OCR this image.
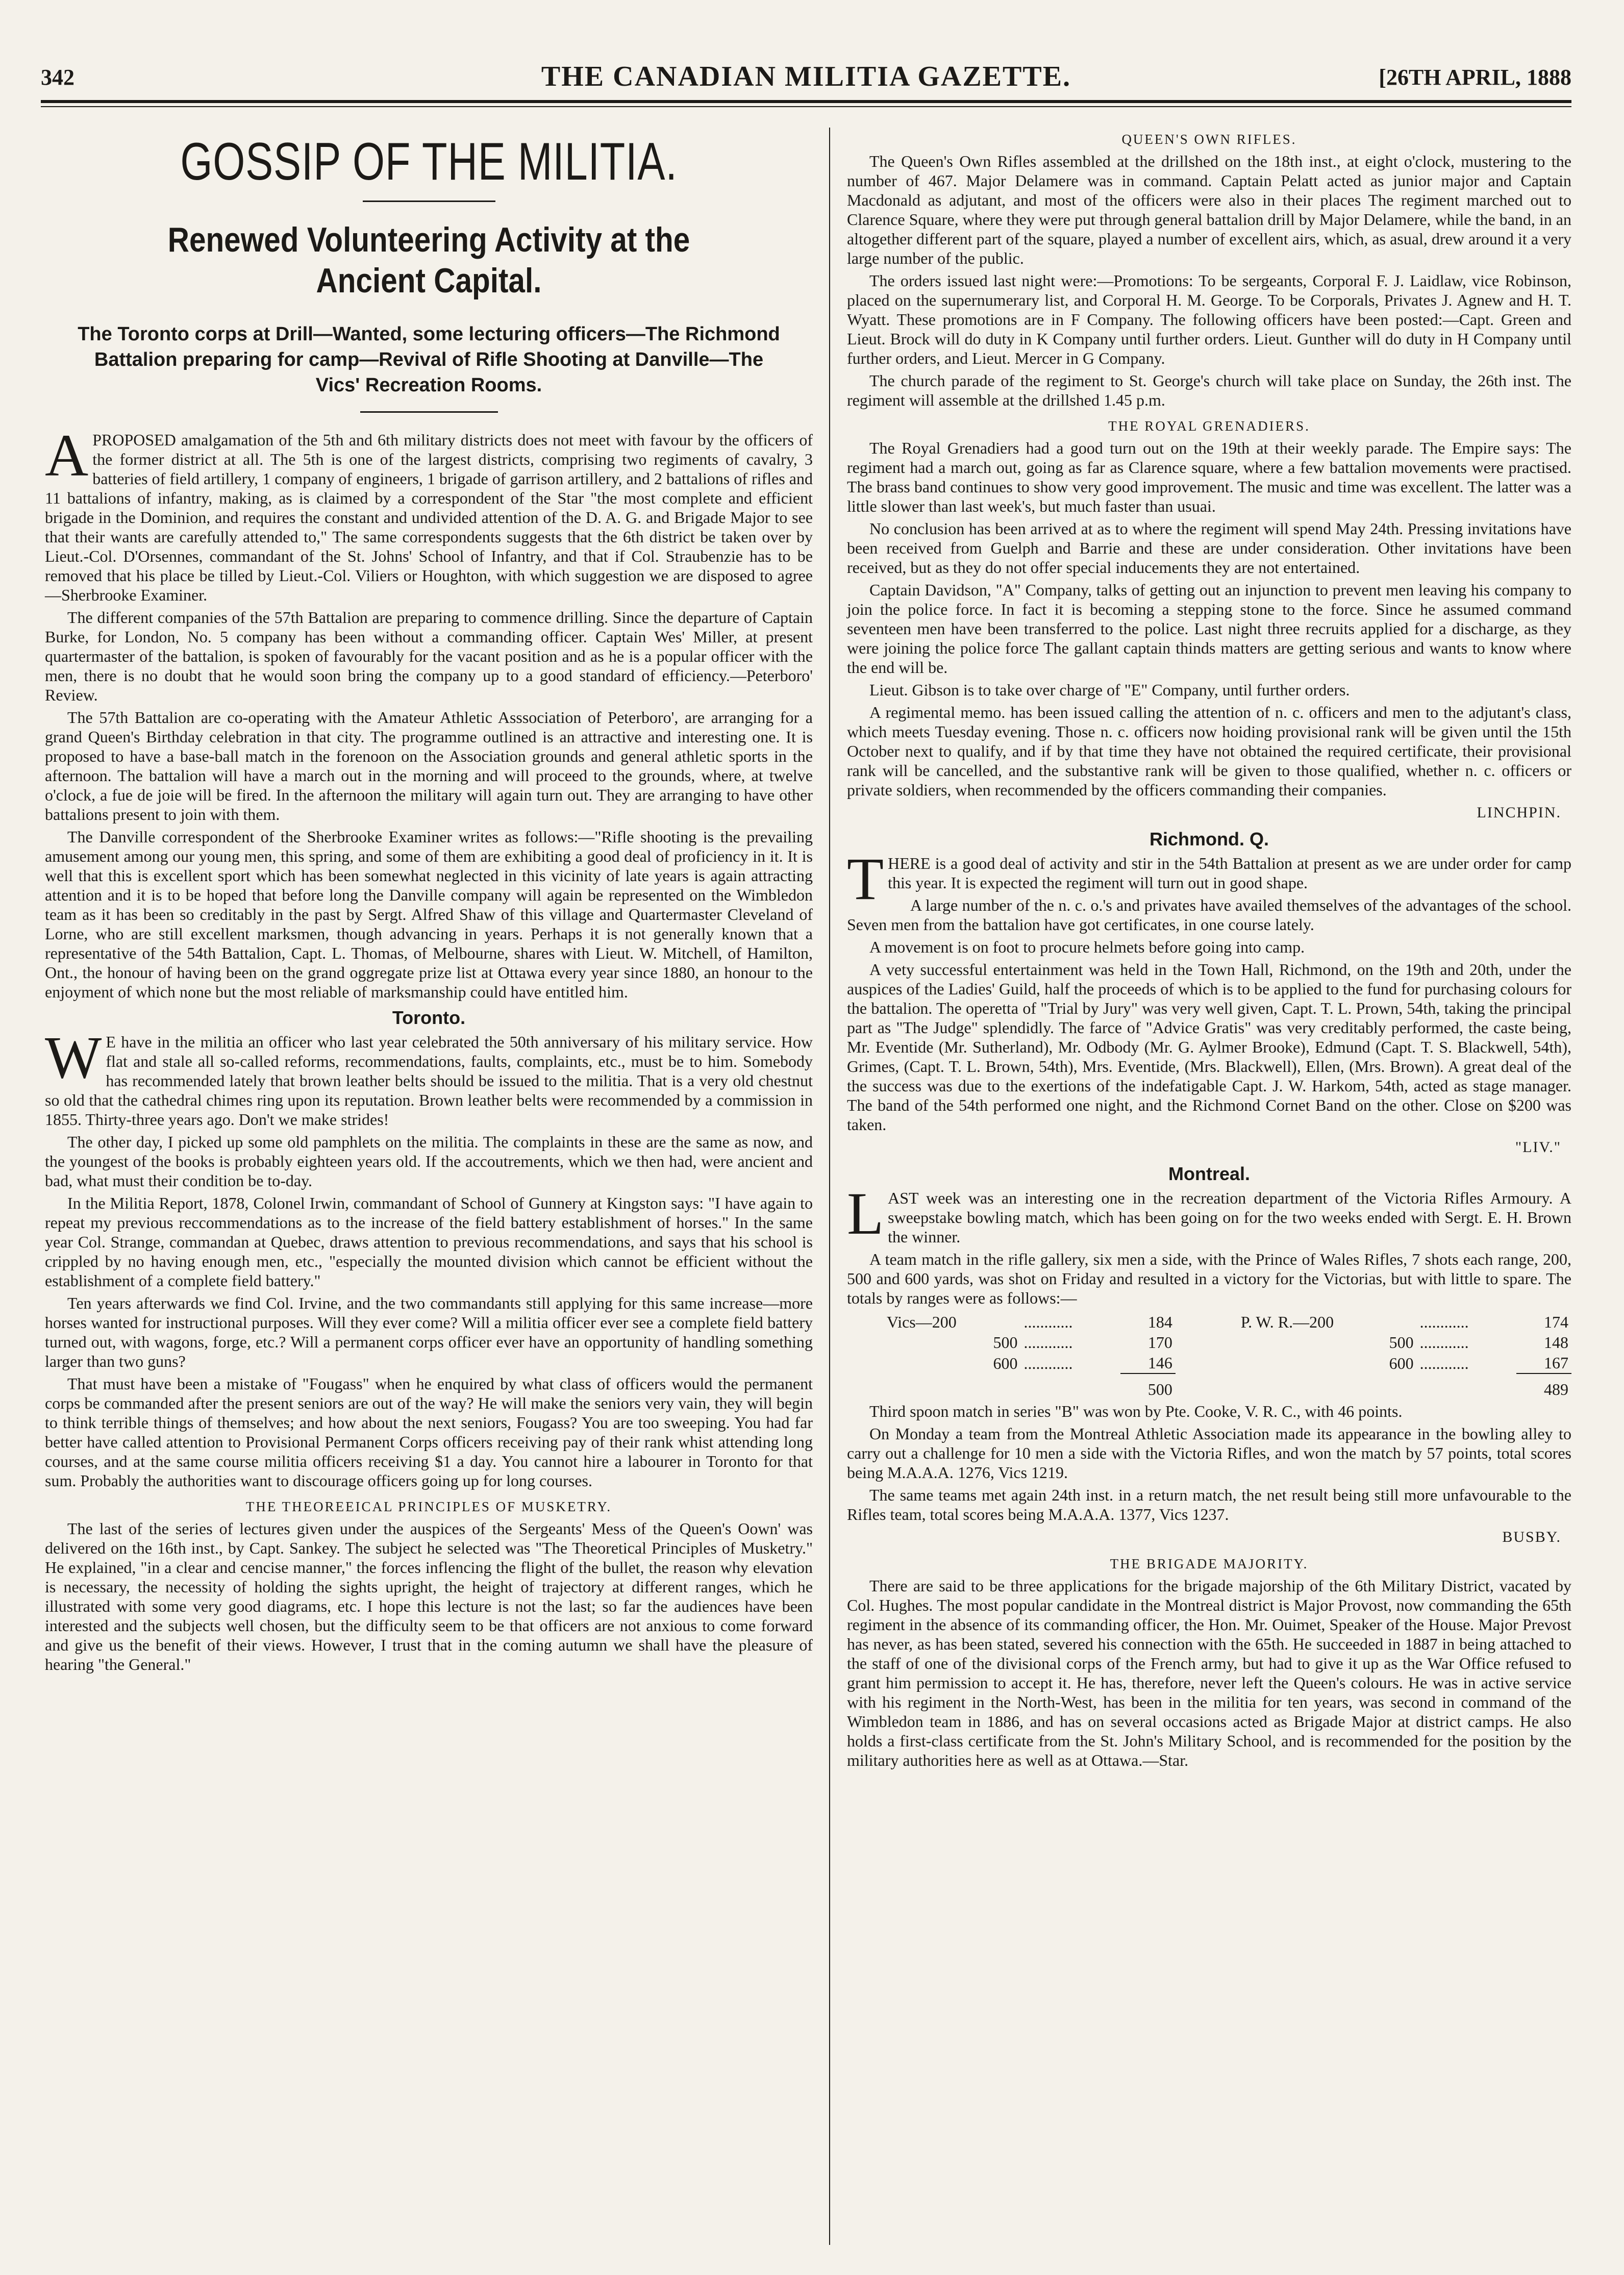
342	THE CANADIAN MILITIA GAZETTE.	[26TH APRIL, 1888
GOSSIP OF THE MILITIA.
Renewed Volunteering Activity at the Ancient Capital.
The Toronto corps at Drill—Wanted, some lecturing officers—The Richmond Battalion preparing for camp—Revival of Rifle Shooting at Danville—The Vics' Recreation Rooms.

A PROPOSED amalgamation of the 5th and 6th military districts does not meet with favour by the officers of the former district at all. The 5th is one of the largest districts, comprising two regiments of cavalry, 3 batteries of field artillery, 1 company of engineers, 1 brigade of garrison artillery, and 2 battalions of rifles and 11 battalions of infantry, making, as is claimed by a correspondent of the Star "the most complete and efficient brigade in the Dominion, and requires the constant and undivided attention of the D. A. G. and Brigade Major to see that their wants are carefully attended to," The same correspondents suggests that the 6th district be taken over by Lieut.-Col. D'Orsennes, commandant of the St. Johns' School of Infantry, and that if Col. Straubenzie has to be removed that his place be tilled by Lieut.-Col. Viliers or Houghton, with which suggestion we are disposed to agree—Sherbrooke Examiner.

The different companies of the 57th Battalion are preparing to commence drilling. Since the departure of Captain Burke, for London, No. 5 company has been without a commanding officer. Captain Wes' Miller, at present quartermaster of the battalion, is spoken of favourably for the vacant position and as he is a popular officer with the men, there is no doubt that he would soon bring the company up to a good standard of efficiency.—Peterboro' Review.

The 57th Battalion are co-operating with the Amateur Athletic Asssociation of Peterboro', are arranging for a grand Queen's Birthday celebration in that city. The programme outlined is an attractive and interesting one. It is proposed to have a base-ball match in the forenoon on the Association grounds and general athletic sports in the afternoon. The battalion will have a march out in the morning and will proceed to the grounds, where, at twelve o'clock, a fue de joie will be fired. In the afternoon the military will again turn out. They are arranging to have other battalions present to join with them.

The Danville correspondent of the Sherbrooke Examiner writes as follows:—"Rifle shooting is the prevailing amusement among our young men, this spring, and some of them are exhibiting a good deal of proficiency in it. It is well that this is excellent sport which has been somewhat neglected in this vicinity of late years is again attracting attention and it is to be hoped that before long the Danville company will again be represented on the Wimbledon team as it has been so creditably in the past by Sergt. Alfred Shaw of this village and Quartermaster Cleveland of Lorne, who are still excellent marksmen, though advancing in years. Perhaps it is not generally known that a representative of the 54th Battalion, Capt. L. Thomas, of Melbourne, shares with Lieut. W. Mitchell, of Hamilton, Ont., the honour of having been on the grand oggregate prize list at Ottawa every year since 1880, an honour to the enjoyment of which none but the most reliable of marksmanship could have entitled him.

Toronto.

W E have in the militia an officer who last year celebrated the 50th anniversary of his military service. How flat and stale all so-called reforms, recommendations, faults, complaints, etc., must be to him. Somebody has recommended lately that brown leather belts should be issued to the militia. That is a very old chestnut so old that the cathedral chimes ring upon its reputation. Brown leather belts were recommended by a commission in 1855. Thirty-three years ago. Don't we make strides!

The other day, I picked up some old pamphlets on the militia. The complaints in these are the same as now, and the youngest of the books is probably eighteen years old. If the accoutrements, which we then had, were ancient and bad, what must their condition be to-day.

In the Militia Report, 1878, Colonel Irwin, commandant of School of Gunnery at Kingston says: "I have again to repeat my previous reccommendations as to the increase of the field battery establishment of horses." In the same year Col. Strange, commandan at Quebec, draws attention to previous recommendations, and says that his school is crippled by no having enough men, etc., "especially the mounted division which cannot be efficient without the establishment of a complete field battery."

Ten years afterwards we find Col. Irvine, and the two commandants still applying for this same increase—more horses wanted for instructional purposes. Will they ever come? Will a militia officer ever see a complete field battery turned out, with wagons, forge, etc.? Will a permanent corps officer ever have an opportunity of handling something larger than two guns?

That must have been a mistake of "Fougass" when he enquired by what class of officers would the permanent corps be commanded after the present seniors are out of the way? He will make the seniors very vain, they will begin to think terrible things of themselves; and how about the next seniors, Fougass? You are too sweeping. You had far better have called attention to Provisional Permanent Corps officers receiving pay of their rank whist attending long courses, and at the same course militia officers receiving $1 a day. You cannot hire a labourer in Toronto for that sum. Probably the authorities want to discourage officers going up for long courses.

THE THEOREEICAL PRINCIPLES OF MUSKETRY.

The last of the series of lectures given under the auspices of the Sergeants' Mess of the Queen's Oown' was delivered on the 16th inst., by Capt. Sankey. The subject he selected was "The Theoretical Principles of Musketry." He explained, "in a clear and cencise manner," the forces inflencing the flight of the bullet, the reason why elevation is necessary, the necessity of holding the sights upright, the height of trajectory at different ranges, which he illustrated with some very good diagrams, etc. I hope this lecture is not the last; so far the audiences have been interested and the subjects well chosen, but the difficulty seem to be that officers are not anxious to come forward and give us the benefit of their views. However, I trust that in the coming autumn we shall have the pleasure of hearing "the General."

QUEEN'S OWN RIFLES.

The Queen's Own Rifles assembled at the drillshed on the 18th inst., at eight o'clock, mustering to the number of 467. Major Delamere was in command. Captain Pelatt acted as junior major and Captain Macdonald as adjutant, and most of the officers were also in their places The regiment marched out to Clarence Square, where they were put through general battalion drill by Major Delamere, while the band, in an altogether different part of the square, played a number of excellent airs, which, as asual, drew around it a very large number of the public.

The orders issued last night were:—Promotions: To be sergeants, Corporal F. J. Laidlaw, vice Robinson, placed on the supernumerary list, and Corporal H. M. George. To be Corporals, Privates J. Agnew and H. T. Wyatt. These promotions are in F Company. The following officers have been posted:—Capt. Green and Lieut. Brock will do duty in K Company until further orders. Lieut. Gunther will do duty in H Company until further orders, and Lieut. Mercer in G Company.

The church parade of the regiment to St. George's church will take place on Sunday, the 26th inst. The regiment will assemble at the drillshed 1.45 p.m.

THE ROYAL GRENADIERS.

The Royal Grenadiers had a good turn out on the 19th at their weekly parade. The Empire says: The regiment had a march out, going as far as Clarence square, where a few battalion movements were practised. The brass band continues to show very good improvement. The music and time was excellent. The latter was a little slower than last week's, but much faster than usuai.

No conclusion has been arrived at as to where the regiment will spend May 24th. Pressing invitations have been received from Guelph and Barrie and these are under consideration. Other invitations have been received, but as they do not offer special inducements they are not entertained.

Captain Davidson, "A" Company, talks of getting out an injunction to prevent men leaving his company to join the police force. In fact it is becoming a stepping stone to the force. Since he assumed command seventeen men have been transferred to the police. Last night three recruits applied for a discharge, as they were joining the police force The gallant captain thinds matters are getting serious and wants to know where the end will be.

Lieut. Gibson is to take over charge of "E" Company, until further orders.

A regimental memo. has been issued calling the attention of n. c. officers and men to the adjutant's class, which meets Tuesday evening. Those n. c. officers now hoiding provisional rank will be given until the 15th October next to qualify, and if by that time they have not obtained the required certificate, their provisional rank will be cancelled, and the substantive rank will be given to those qualified, whether n. c. officers or private soldiers, when recommended by the officers commanding their companies.

LINCHPIN.
Richmond. Q.

THERE is a good deal of activity and stir in the 54th Battalion at present as we are under order for camp this year. It is expected the regiment will turn out in good shape.

A large number of the n. c. o.'s and privates have availed themselves of the advantages of the school. Seven men from the battalion have got certificates, in one course lately.

A movement is on foot to procure helmets before going into camp.

A vety successful entertainment was held in the Town Hall, Richmond, on the 19th and 20th, under the auspices of the Ladies' Guild, half the proceeds of which is to be applied to the fund for purchasing colours for the battalion. The operetta of "Trial by Jury" was very well given, Capt. T. L. Prown, 54th, taking the principal part as "The Judge" splendidly. The farce of "Advice Gratis" was very creditably performed, the caste being, Mr. Eventide (Mr. Sutherland), Mr. Odbody (Mr. G. Aylmer Brooke), Edmund (Capt. T. S. Blackwell, 54th), Grimes, (Capt. T. L. Brown, 54th), Mrs. Eventide, (Mrs. Blackwell), Ellen, (Mrs. Brown). A great deal of the the success was due to the exertions of the indefatigable Capt. J. W. Harkom, 54th, acted as stage manager. The band of the 54th performed one night, and the Richmond Cornet Band on the other. Close on $200 was taken.

"LIV."
Montreal.

LAST week was an interesting one in the recreation department of the Victoria Rifles Armoury. A sweepstake bowling match, which has been going on for the two weeks ended with Sergt. E. H. Brown the winner.

A team match in the rifle gallery, six men a side, with the Prince of Wales Rifles, 7 shots each range, 200, 500 and 600 yards, was shot on Friday and resulted in a victory for the Victorias, but with little to spare. The totals by ranges were as follows:—

	Vics—200	............	184		P. W. R.—200	............	174
	500	............	170		500	............	148
	600	............	146		600	............	167
			500				489

Third spoon match in series "B" was won by Pte. Cooke, V. R. C., with 46 points.

On Monday a team from the Montreal Athletic Association made its appearance in the bowling alley to carry out a challenge for 10 men a side with the Victoria Rifles, and won the match by 57 points, total scores being M.A.A.A. 1276, Vics 1219.

The same teams met again 24th inst. in a return match, the net result being still more unfavourable to the Rifles team, total scores being M.A.A.A. 1377, Vics 1237.

BUSBY.
THE BRIGADE MAJORITY.

There are said to be three applications for the brigade majorship of the 6th Military District, vacated by Col. Hughes. The most popular candidate in the Montreal district is Major Provost, now commanding the 65th regiment in the absence of its commanding officer, the Hon. Mr. Ouimet, Speaker of the House. Major Prevost has never, as has been stated, severed his connection with the 65th. He succeeded in 1887 in being attached to the staff of one of the divisional corps of the French army, but had to give it up as the War Office refused to grant him permission to accept it. He has, therefore, never left the Queen's colours. He was in active service with his regiment in the North-West, has been in the militia for ten years, was second in command of the Wimbledon team in 1886, and has on several occasions acted as Brigade Major at district camps. He also holds a first-class certificate from the St. John's Military School, and is recommended for the position by the military authorities here as well as at Ottawa.—Star.
